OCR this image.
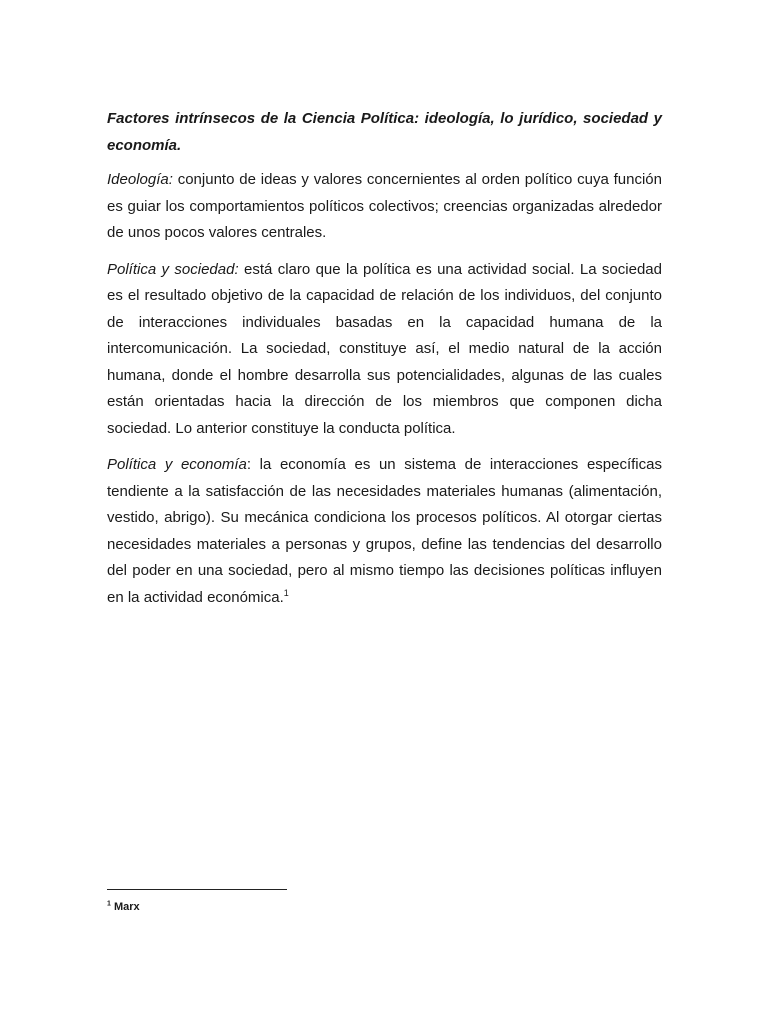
Factores intrínsecos de la Ciencia Política: ideología, lo jurídico, sociedad y economía.

Ideología: conjunto de ideas y valores concernientes al orden político cuya función es guiar los comportamientos políticos colectivos; creencias organizadas alrededor de unos pocos valores centrales.

Política y sociedad: está claro que la política es una actividad social. La sociedad es el resultado objetivo de la capacidad de relación de los individuos, del conjunto de interacciones individuales basadas en la capacidad humana de la intercomunicación. La sociedad, constituye así, el medio natural de la acción humana, donde el hombre desarrolla sus potencialidades, algunas de las cuales están orientadas hacia la dirección de los miembros que componen dicha sociedad. Lo anterior constituye la conducta política.

Política y economía: la economía es un sistema de interacciones específicas tendiente a la satisfacción de las necesidades materiales humanas (alimentación, vestido, abrigo). Su mecánica condiciona los procesos políticos. Al otorgar ciertas necesidades materiales a personas y grupos, define las tendencias del desarrollo del poder en una sociedad, pero al mismo tiempo las decisiones políticas influyen en la actividad económica.$^1$

$^1$ Marx
